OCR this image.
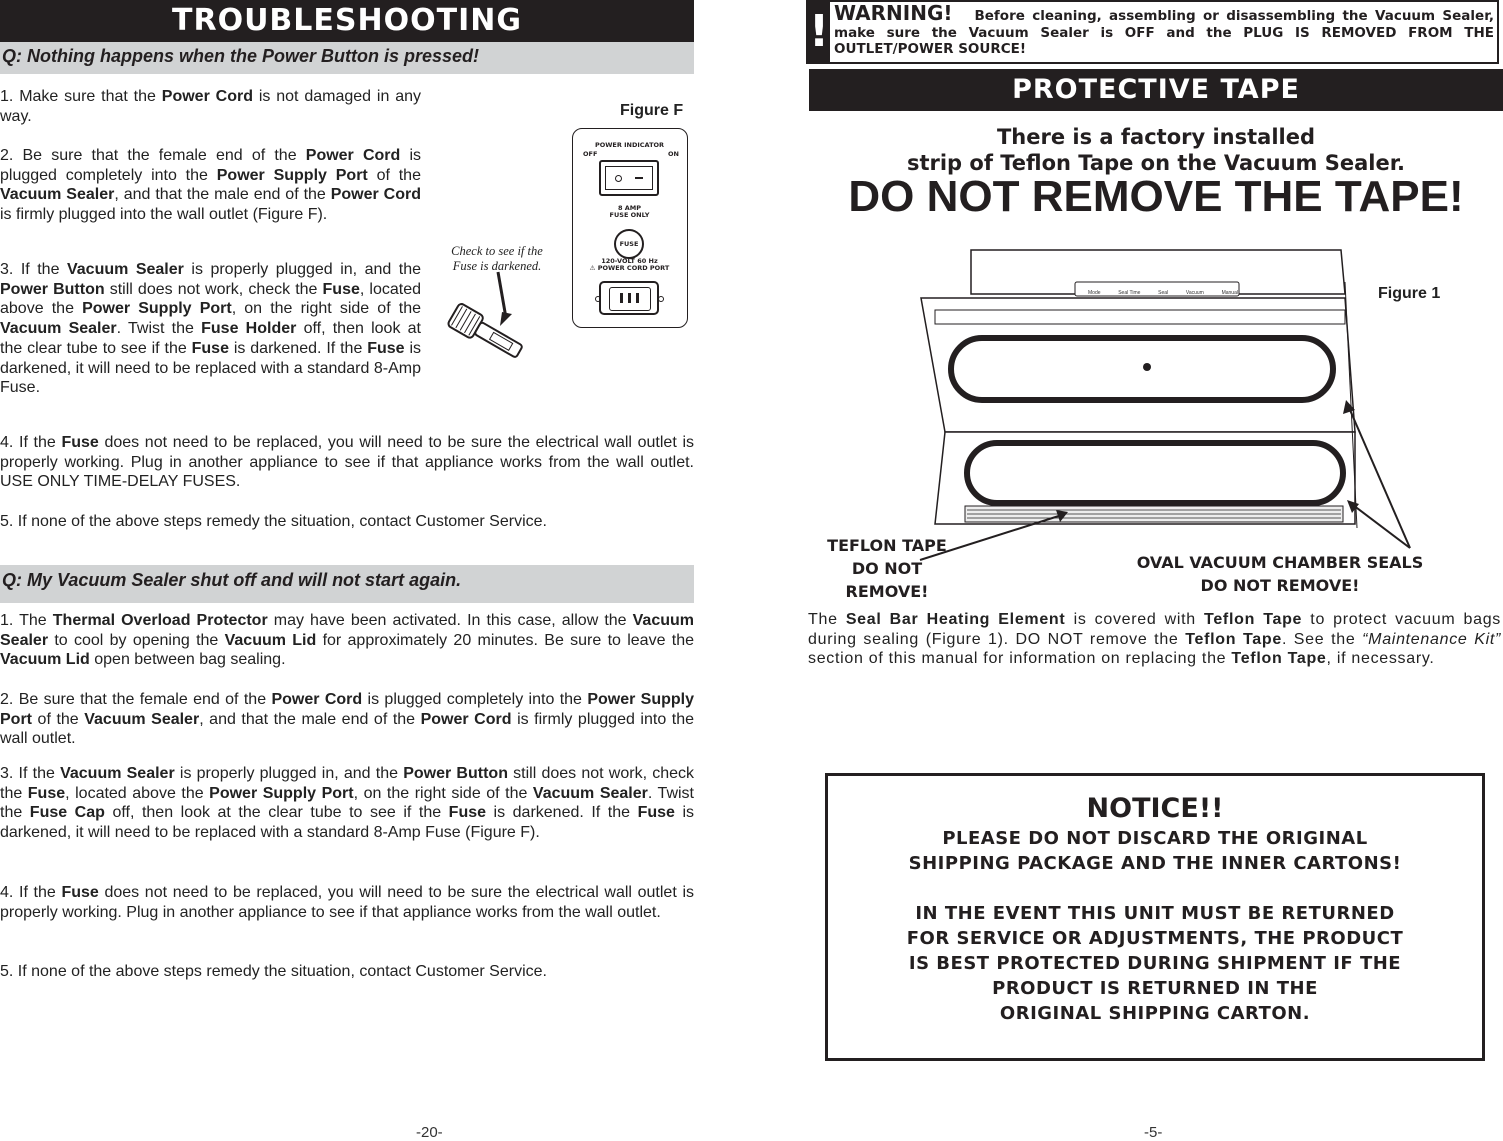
TROUBLESHOOTING
Q: Nothing happens when the Power Button is pressed!

1. Make sure that the Power Cord is not damaged in any way.

2. Be sure that the female end of the Power Cord is plugged completely into the Power Supply Port of the Vacuum Sealer, and that the male end of the Power Cord is firmly plugged into the wall outlet (Figure F).

3. If the Vacuum Sealer is properly plugged in, and the Power Button still does not work, check the Fuse, located above the Power Supply Port, on the right side of the Vacuum Sealer. Twist the Fuse Holder off, then look at the clear tube to see if the Fuse is darkened. If the Fuse is darkened, it will need to be replaced with a standard 8-Amp Fuse.

Figure F
Check to see if the
Fuse is darkened.
POWER INDICATOR
OFF	ON
8 AMP
FUSE ONLY
FUSE
120-VOLT 60 Hz
⚠ POWER CORD PORT

4. If the Fuse does not need to be replaced, you will need to be sure the electrical wall outlet is properly working. Plug in another appliance to see if that appliance works from the wall outlet. USE ONLY TIME-DELAY FUSES.

5. If none of the above steps remedy the situation, contact Customer Service.

Q: My Vacuum Sealer shut off and will not start again.

1. The Thermal Overload Protector may have been activated. In this case, allow the Vacuum Sealer to cool by opening the Vacuum Lid for approximately 20 minutes. Be sure to leave the Vacuum Lid open between bag sealing.

2. Be sure that the female end of the Power Cord is plugged completely into the Power Supply Port of the Vacuum Sealer, and that the male end of the Power Cord is firmly plugged into the wall outlet.

3. If the Vacuum Sealer is properly plugged in, and the Power Button still does not work, check the Fuse, located above the Power Supply Port, on the right side of the Vacuum Sealer. Twist the Fuse Cap off, then look at the clear tube to see if the Fuse is darkened. If the Fuse is darkened, it will need to be replaced with a standard 8-Amp Fuse (Figure F).

4. If the Fuse does not need to be replaced, you will need to be sure the electrical wall outlet is properly working. Plug in another appliance to see if that appliance works from the wall outlet.

5. If none of the above steps remedy the situation, contact Customer Service.

-20-
! WARNING! Before cleaning, assembling or disassembling the Vacuum Sealer, make sure the Vacuum Sealer is OFF and the PLUG IS REMOVED FROM THE OUTLET/POWER SOURCE!
PROTECTIVE TAPE
There is a factory installed
strip of Teflon Tape on the Vacuum Sealer.
DO NOT REMOVE THE TAPE!
Figure 1
Mode	Seal Time	Seal	Vacuum	Manual
TEFLON TAPE
DO NOT
REMOVE!
OVAL VACUUM CHAMBER SEALS
DO NOT REMOVE!

The Seal Bar Heating Element is covered with Teflon Tape to protect vacuum bags during sealing (Figure 1). DO NOT remove the Teflon Tape. See the “Maintenance Kit” section of this manual for information on replacing the Teflon Tape, if necessary.

NOTICE!!
PLEASE DO NOT DISCARD THE ORIGINAL
SHIPPING PACKAGE AND THE INNER CARTONS!
IN THE EVENT THIS UNIT MUST BE RETURNED
FOR SERVICE OR ADJUSTMENTS, THE PRODUCT
IS BEST PROTECTED DURING SHIPMENT IF THE
PRODUCT IS RETURNED IN THE
ORIGINAL SHIPPING CARTON.
-5-
